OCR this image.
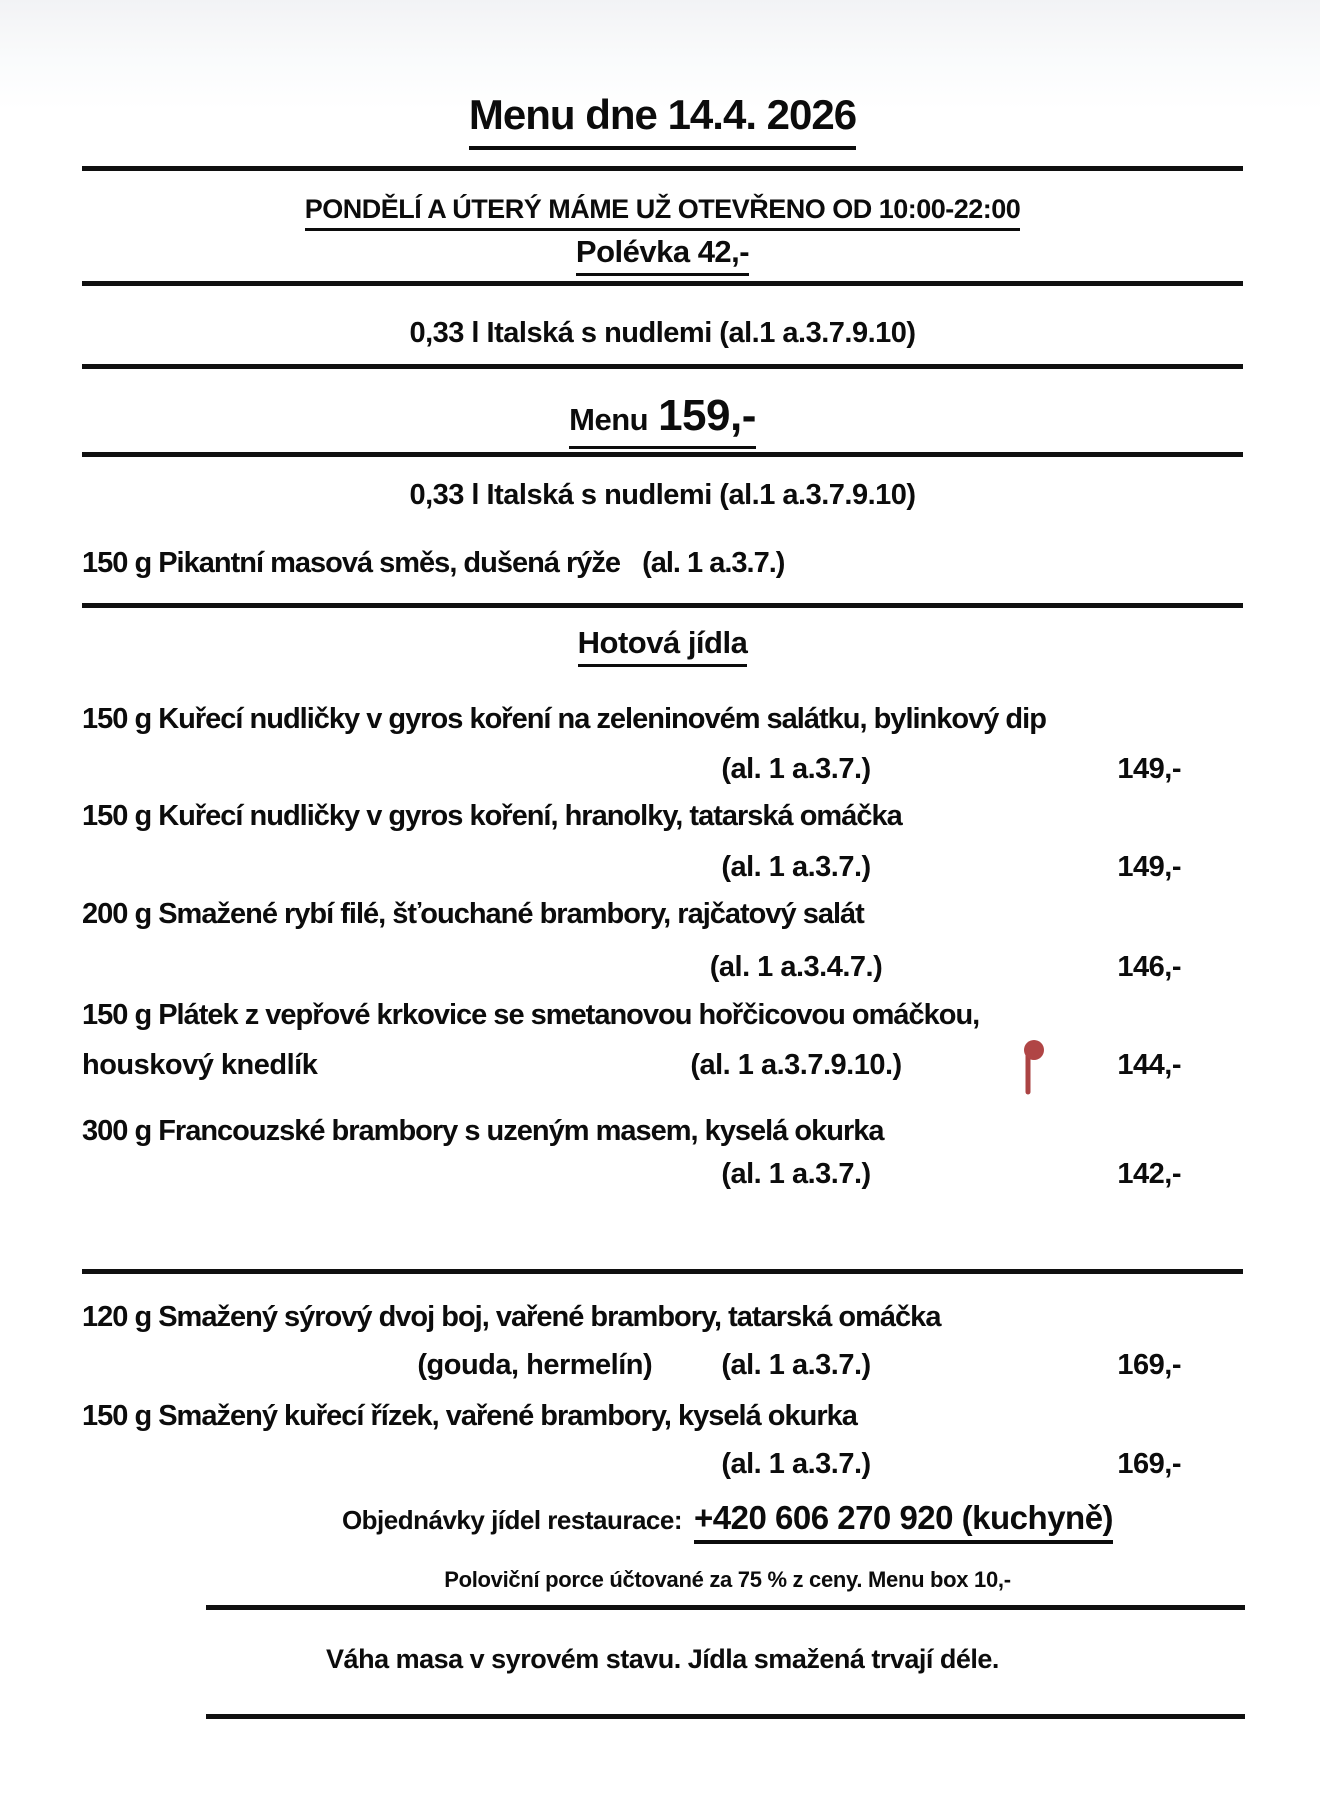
Menu dne 14.4. 2026
PONDĚLÍ A ÚTERÝ MÁME UŽ OTEVŘENO OD 10:00-22:00
Polévka 42,-
0,33 l Italská s nudlemi (al.1 a.3.7.9.10)
Menu 159,-
0,33 l Italská s nudlemi (al.1 a.3.7.9.10)
150 g Pikantní masová směs, dušená rýže (al. 1 a.3.7.)
Hotová jídla
150 g Kuřecí nudličky v gyros koření na zeleninovém salátku, bylinkový dip
(al. 1 a.3.7.)	149,-
150 g Kuřecí nudličky v gyros koření, hranolky, tatarská omáčka
(al. 1 a.3.7.)	149,-
200 g Smažené rybí filé, šťouchané brambory, rajčatový salát
(al. 1 a.3.4.7.)	146,-
150 g Plátek z vepřové krkovice se smetanovou hořčicovou omáčkou,
houskový knedlík	(al. 1 a.3.7.9.10.)	144,-
300 g Francouzské brambory s uzeným masem, kyselá okurka
(al. 1 a.3.7.)	142,-
120 g Smažený sýrový dvoj boj, vařené brambory, tatarská omáčka
(gouda, hermelín) (al. 1 a.3.7.)	169,-
150 g Smažený kuřecí řízek, vařené brambory, kyselá okurka
(al. 1 a.3.7.)	169,-
Objednávky jídel restaurace: +420 606 270 920 (kuchyně)
Poloviční porce účtované za 75 % z ceny. Menu box 10,-
Váha masa v syrovém stavu. Jídla smažená trvají déle.
